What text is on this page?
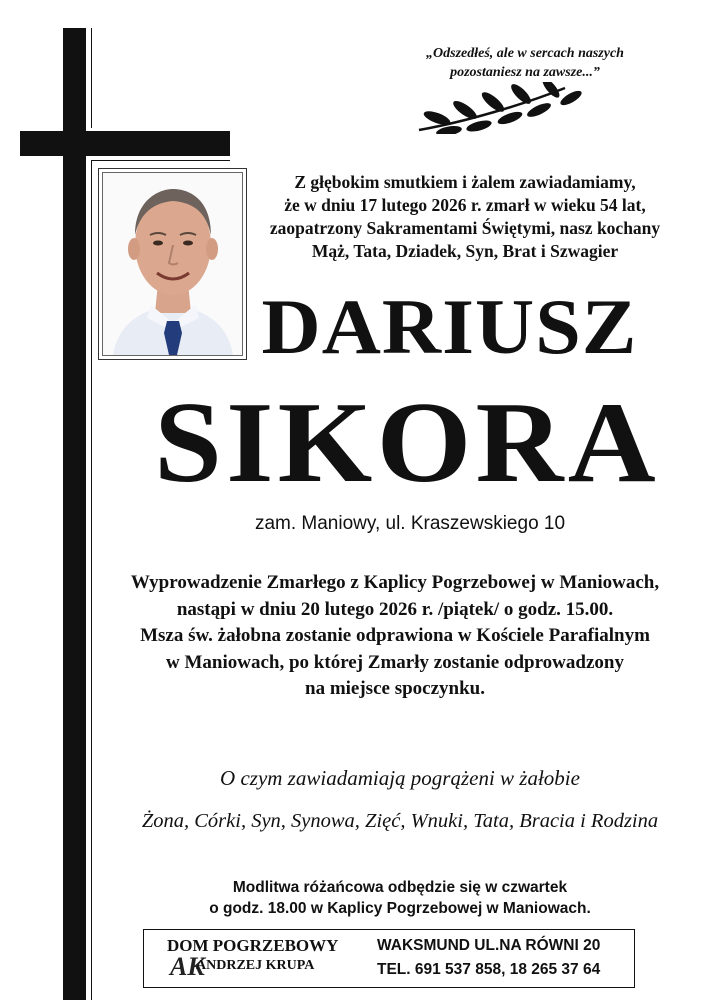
„Odszedłeś, ale w sercach naszych
pozostaniesz na zawsze...”
Z głębokim smutkiem i żalem zawiadamiamy,
że w dniu 17 lutego 2026 r. zmarł w wieku 54 lat,
zaopatrzony Sakramentami Świętymi, nasz kochany
Mąż, Tata, Dziadek, Syn, Brat i Szwagier
DARIUSZ
SIKORA
zam. Maniowy, ul. Kraszewskiego 10
Wyprowadzenie Zmarłego z Kaplicy Pogrzebowej w Maniowach,
nastąpi w dniu 20 lutego 2026 r. /piątek/ o godz. 15.00.
Msza św. żałobna zostanie odprawiona w Kościele Parafialnym
w Maniowach, po której Zmarły zostanie odprowadzony
na miejsce spoczynku.
O czym zawiadamiają pogrążeni w żałobie
Żona, Córki, Syn, Synowa, Zięć, Wnuki, Tata, Bracia i Rodzina
Modlitwa różańcowa odbędzie się w czwartek
o godz. 18.00 w Kaplicy Pogrzebowej w Maniowach.
DOM POGRZEBOWY
AK
ANDRZEJ KRUPA
WAKSMUND UL.NA RÓWNI 20
TEL. 691 537 858, 18 265 37 64
